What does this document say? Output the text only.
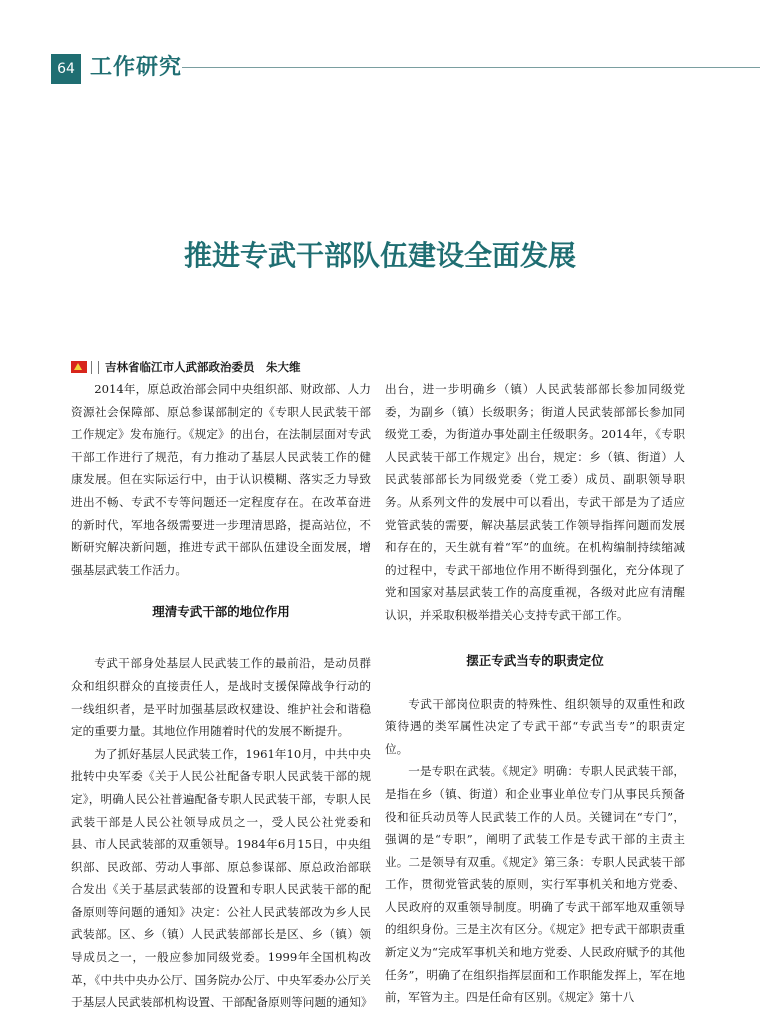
64 工作研究
推进专武干部队伍建设全面发展
吉林省临江市人武部政治委员　朱大维

2014年，原总政治部会同中央组织部、财政部、人力资源社会保障部、原总参谋部制定的《专职人民武装干部工作规定》发布施行。《规定》的出台，在法制层面对专武干部工作进行了规范，有力推动了基层人民武装工作的健康发展。但在实际运行中，由于认识模糊、落实乏力导致进出不畅、专武不专等问题还一定程度存在。在改革奋进的新时代，军地各级需要进一步理清思路，提高站位，不断研究解决新问题，推进专武干部队伍建设全面发展，增强基层武装工作活力。

理清专武干部的地位作用

专武干部身处基层人民武装工作的最前沿，是动员群众和组织群众的直接责任人，是战时支援保障战争行动的一线组织者，是平时加强基层政权建设、维护社会和谐稳定的重要力量。其地位作用随着时代的发展不断提升。

为了抓好基层人民武装工作，1961年10月，中共中央批转中央军委《关于人民公社配备专职人民武装干部的规定》，明确人民公社普遍配备专职人民武装干部，专职人民武装干部是人民公社领导成员之一，受人民公社党委和县、市人民武装部的双重领导。1984年6月15日，中央组织部、民政部、劳动人事部、原总参谋部、原总政治部联合发出《关于基层武装部的设置和专职人民武装干部的配备原则等问题的通知》决定：公社人民武装部改为乡人民武装部。区、乡（镇）人民武装部部长是区、乡（镇）领导成员之一，一般应参加同级党委。1999年全国机构改革，《中共中央办公厅、国务院办公厅、中央军委办公厅关于基层人民武装部机构设置、干部配备原则等问题的通知》

出台，进一步明确乡（镇）人民武装部部长参加同级党委，为副乡（镇）长级职务；街道人民武装部部长参加同级党工委，为街道办事处副主任级职务。2014年，《专职人民武装干部工作规定》出台，规定：乡（镇、街道）人民武装部部长为同级党委（党工委）成员、副职领导职务。从系列文件的发展中可以看出，专武干部是为了适应党管武装的需要，解决基层武装工作领导指挥问题而发展和存在的，天生就有着“军”的血统。在机构编制持续缩减的过程中，专武干部地位作用不断得到强化，充分体现了党和国家对基层武装工作的高度重视，各级对此应有清醒认识，并采取积极举措关心支持专武干部工作。

摆正专武当专的职责定位

专武干部岗位职责的特殊性、组织领导的双重性和政策待遇的类军属性决定了专武干部“专武当专”的职责定位。

一是专职在武装。《规定》明确：专职人民武装干部，是指在乡（镇、街道）和企业事业单位专门从事民兵预备役和征兵动员等人民武装工作的人员。关键词在“专门”，强调的是“专职”，阐明了武装工作是专武干部的主责主业。二是领导有双重。《规定》第三条：专职人民武装干部工作，贯彻党管武装的原则，实行军事机关和地方党委、人民政府的双重领导制度。明确了专武干部军地双重领导的组织身份。三是主次有区分。《规定》把专武干部职责重新定义为“完成军事机关和地方党委、人民政府赋予的其他任务”，明确了在组织指挥层面和工作职能发挥上，军在地前，军管为主。四是任命有区别。《规定》第十八
